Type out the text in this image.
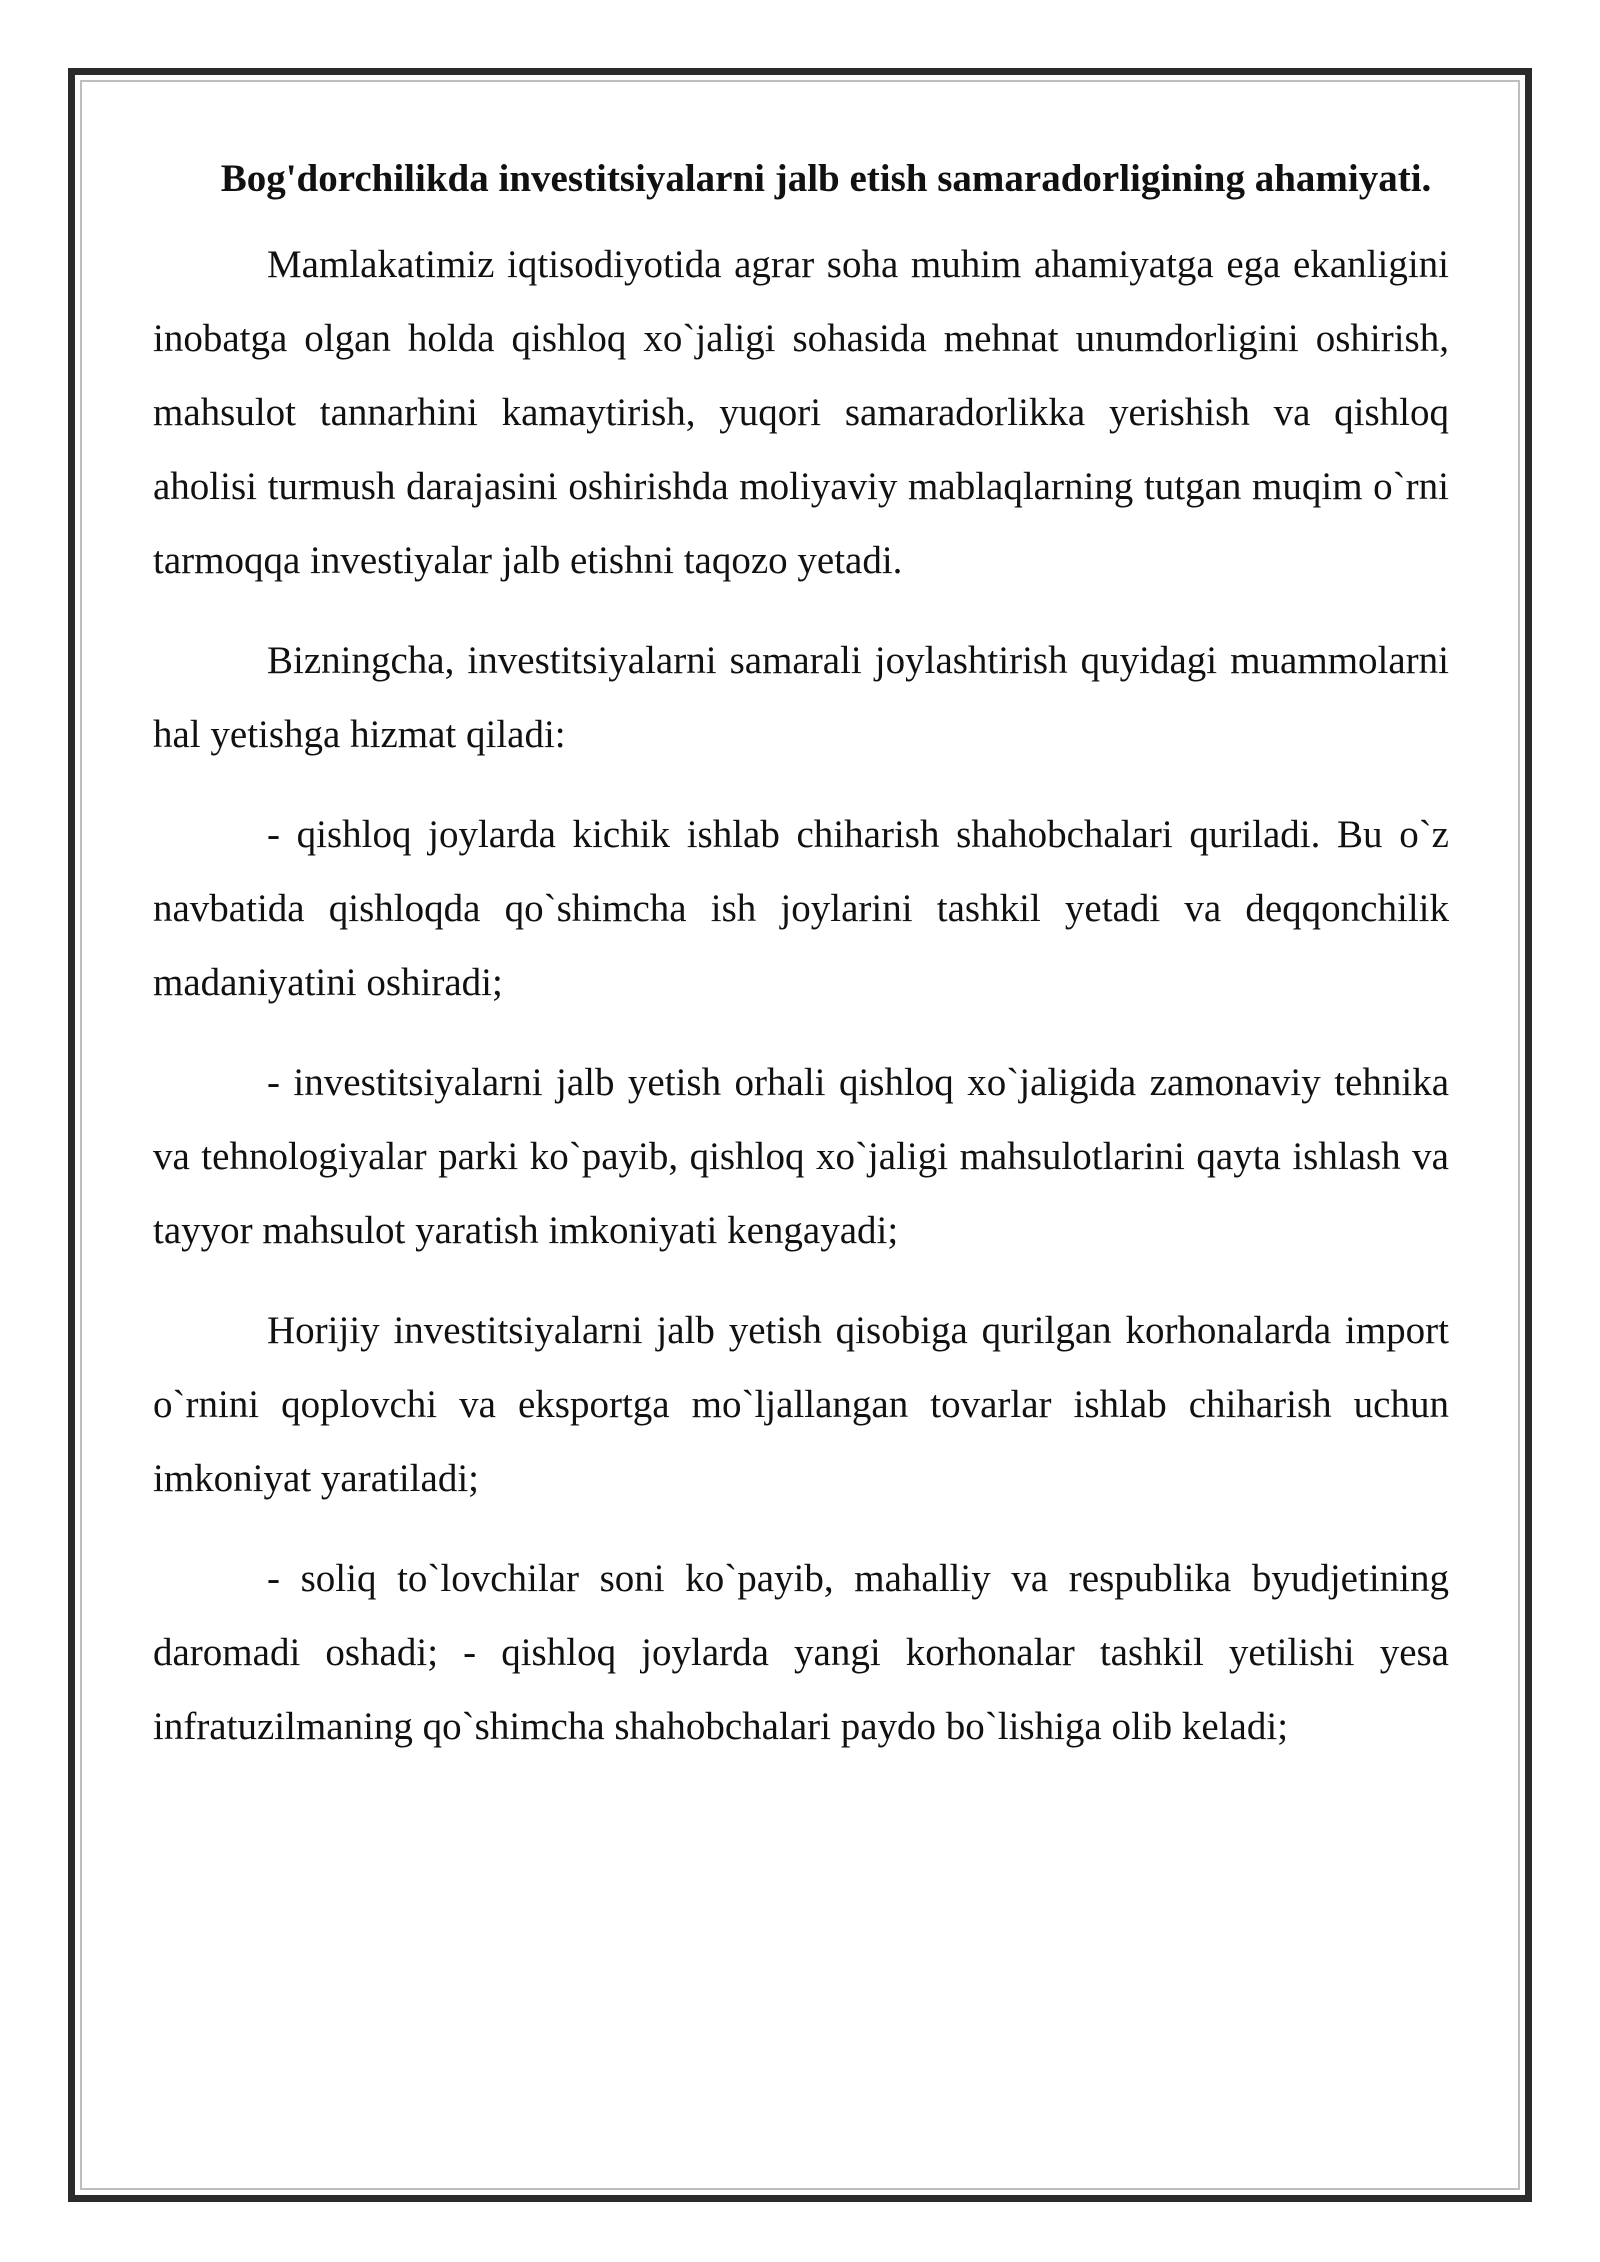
Bog'dorchilikda investitsiyalarni jalb etish samaradorligining ahamiyati.

Mamlakatimiz iqtisodiyotida agrar soha muhim ahamiyatga ega ekanligini inobatga olgan holda qishloq xo`jaligi sohasida mehnat unumdorligini oshirish, mahsulot tannarhini kamaytirish, yuqori samaradorlikka yerishish va qishloq aholisi turmush darajasini oshirishda moliyaviy mablaqlarning tutgan muqim o`rni tarmoqqa investiyalar jalb etishni taqozo yetadi.

Bizningcha, investitsiyalarni samarali joylashtirish quyidagi muammolarni hal yetishga hizmat qiladi:

- qishloq joylarda kichik ishlab chiharish shahobchalari quriladi. Bu o`z navbatida qishloqda qo`shimcha ish joylarini tashkil yetadi va deqqonchilik madaniyatini oshiradi;

- investitsiyalarni jalb yetish orhali qishloq xo`jaligida zamonaviy tehnika va tehnologiyalar parki ko`payib, qishloq xo`jaligi mahsulotlarini qayta ishlash va tayyor mahsulot yaratish imkoniyati kengayadi;

Horijiy investitsiyalarni jalb yetish qisobiga qurilgan korhonalarda import o`rnini qoplovchi va eksportga mo`ljallangan tovarlar ishlab chiharish uchun imkoniyat yaratiladi;

- soliq to`lovchilar soni ko`payib, mahalliy va respublika byudjetining daromadi oshadi; - qishloq joylarda yangi korhonalar tashkil yetilishi yesa infratuzilmaning qo`shimcha shahobchalari paydo bo`lishiga olib keladi;
